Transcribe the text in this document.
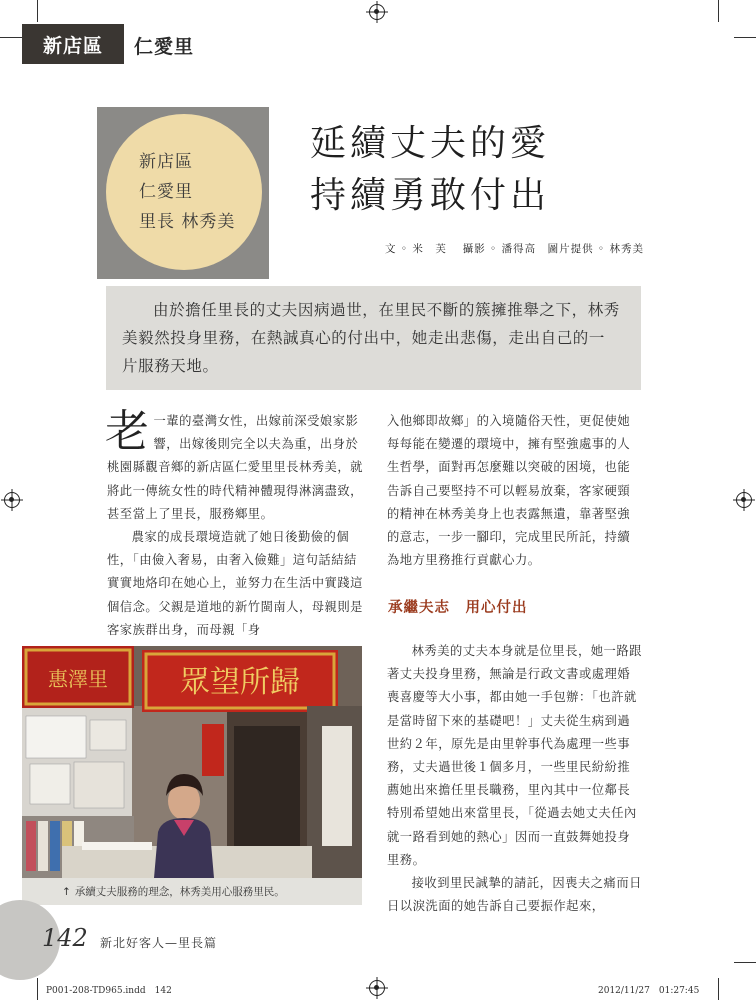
新店區	仁愛里
新店區
仁愛里
里長 林秀美
延續丈夫的愛
持續勇敢付出
文 ◦ 米　芙　 攝影 ◦ 潘得高　圖片提供 ◦ 林秀美
由於擔任里長的丈夫因病過世，在里民不斷的簇擁推舉之下，林秀美毅然投身里務，在熱誠真心的付出中，她走出悲傷，走出自己的一片服務天地。

老一輩的臺灣女性，出嫁前深受娘家影響，出嫁後則完全以夫為重，出身於桃園縣觀音鄉的新店區仁愛里里長林秀美，就將此一傳統女性的時代精神體現得淋漓盡致，甚至當上了里長，服務鄉里。

農家的成長環境造就了她日後勤儉的個性，「由儉入奢易，由奢入儉難」這句話結結實實地烙印在她心上，並努力在生活中實踐這個信念。父親是道地的新竹閩南人，母親則是客家族群出身，而母親「身

入他鄉即故鄉」的入境隨俗天性，更促使她每每能在變遷的環境中，擁有堅強處事的人生哲學，面對再怎麼難以突破的困境，也能告訴自己要堅持不可以輕易放棄，客家硬頸的精神在林秀美身上也表露無遺，靠著堅強的意志，一步一腳印，完成里民所託，持續為地方里務推行貢獻心力。

承繼夫志　用心付出

林秀美的丈夫本身就是位里長，她一路跟著丈夫投身里務，無論是行政文書或處理婚喪喜慶等大小事，都由她一手包辦：「也許就是當時留下來的基礎吧！」丈夫從生病到過世約２年，原先是由里幹事代為處理一些事務，丈夫過世後１個多月，一些里民紛紛推薦她出來擔任里長職務，里內其中一位鄰長特別希望她出來當里長，「從過去她丈夫任內就一路看到她的熱心」因而一直鼓舞她投身里務。

接收到里民誠摯的請託，因喪夫之痛而日日以淚洗面的她告訴自己要振作起來，

惠澤里 眾望所歸
↑ 承續丈夫服務的理念，林秀美用心服務里民。
142 新北好客人—里長篇
P001-208-TD965.indd　142	2012/11/27　01:27:45
